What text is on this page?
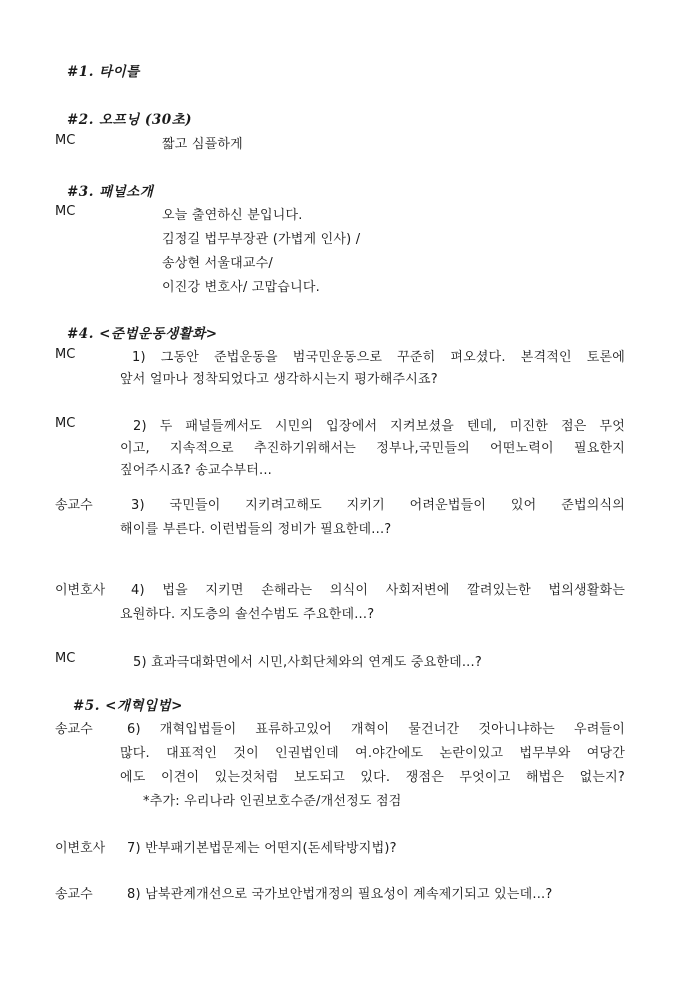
#1. 타이틀
#2. 오프닝 (30초)
MC	짧고 심플하게
#3. 패널소개
MC	오늘 출연하신 분입니다.
김정길 법무부장관 (가볍게 인사) /
송상현 서울대교수/
이진강 변호사/ 고맙습니다.
#4. <준법운동생활화>
MC	1) 그동안 준법운동을 범국민운동으로 꾸준히 펴오셨다. 본격적인 토론에
앞서 얼마나 정착되었다고 생각하시는지 평가해주시죠?
MC	2) 두 패널들께서도 시민의 입장에서 지켜보셨을 텐데, 미진한 점은 무엇
이고, 지속적으로 추진하기위해서는 정부나,국민들의 어떤노력이 필요한지
짚어주시죠? 송교수부터...
송교수	3) 국민들이 지키려고해도 지키기 어려운법들이 있어 준법의식의
해이를 부른다. 이런법들의 정비가 필요한데...?
이변호사	4) 법을 지키면 손해라는 의식이 사회저변에 깔려있는한 법의생활화는
요원하다. 지도층의 솔선수범도 주요한데...?
MC	5) 효과극대화면에서 시민,사회단체와의 연계도 중요한데...?
#5. <개혁입법>
송교수	6) 개혁입법들이 표류하고있어 개혁이 물건너간 것아니냐하는 우려들이
많다. 대표적인 것이 인권법인데 여.야간에도 논란이있고 법무부와 여당간
에도 이견이 있는것처럼 보도되고 있다. 쟁점은 무엇이고 해법은 없는지?
*추가: 우리나라 인권보호수준/개선정도 점검
이변호사 7) 반부패기본법문제는 어떤지(돈세탁방지법)?
송교수	8) 남북관계개선으로 국가보안법개정의 필요성이 계속제기되고 있는데...?
